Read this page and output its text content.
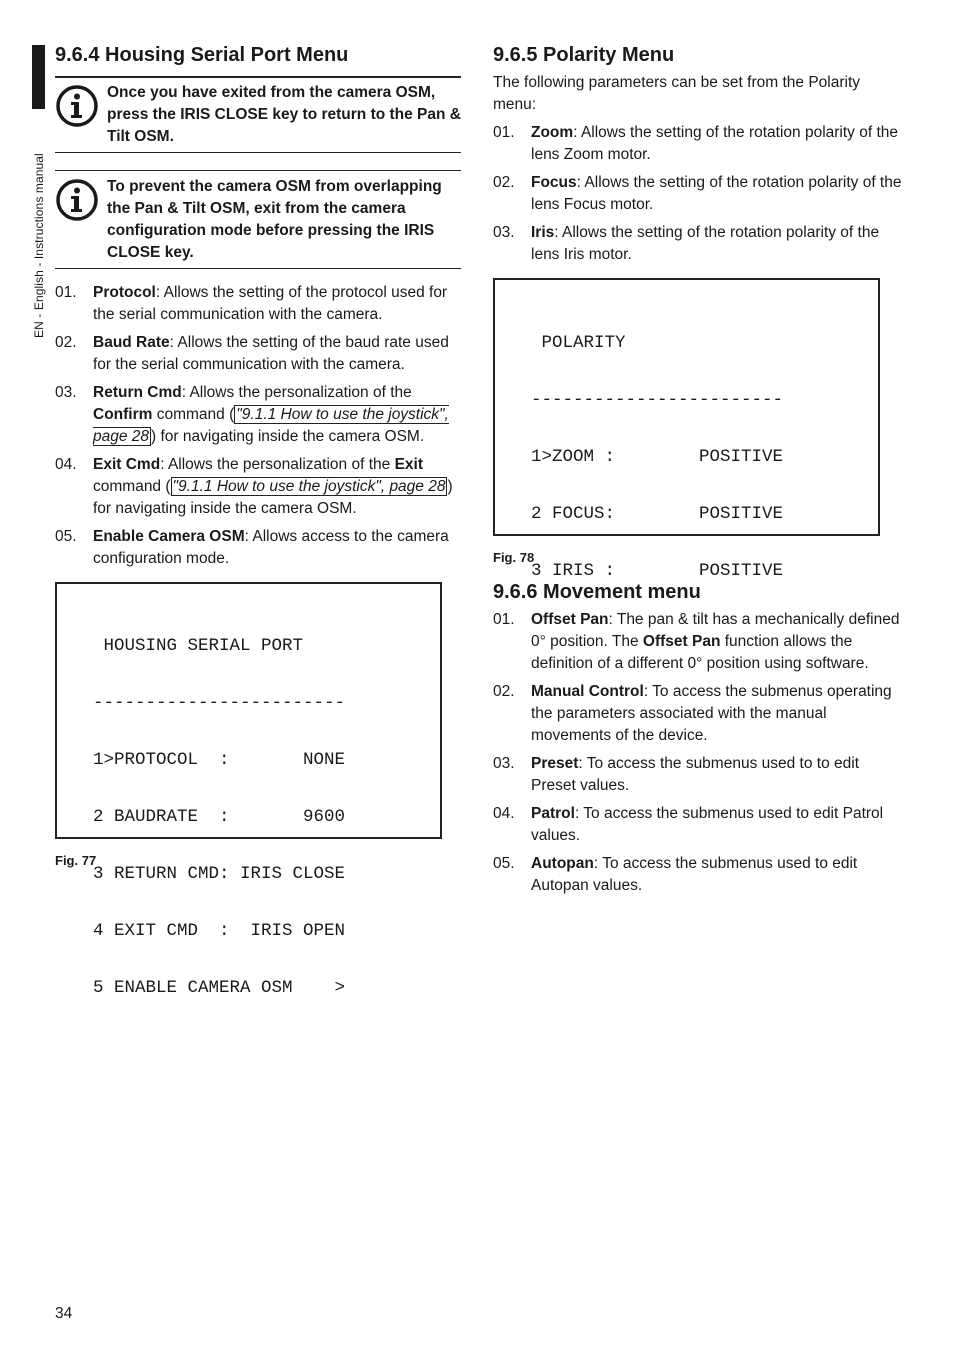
EN - English - Instructions manual
9.6.4 Housing Serial Port Menu
Once you have exited from the camera OSM, press the IRIS CLOSE key to return to the Pan & Tilt OSM.
To prevent the camera OSM from overlapping the Pan & Tilt OSM, exit from the camera configuration mode before pressing the IRIS CLOSE key.
01.	Protocol: Allows the setting of the protocol used for the serial communication with the camera.
02.	Baud Rate: Allows the setting of the baud rate used for the serial communication with the camera.
03.	Return Cmd: Allows the personalization of the Confirm command ( "9.1.1 How to use the joystick", page 28 ) for navigating inside the camera OSM.
04.	Exit Cmd: Allows the personalization of the Exit command ( "9.1.1 How to use the joystick", page 28 ) for navigating inside the camera OSM.
05.	Enable Camera OSM: Allows access to the camera configuration mode.

HOUSING SERIAL PORT

------------------------

1>PROTOCOL  :       NONE

2 BAUDRATE  :       9600

3 RETURN CMD: IRIS CLOSE

4 EXIT CMD  :  IRIS OPEN

5 ENABLE CAMERA OSM    >

Fig. 77
9.6.5 Polarity Menu
The following parameters can be set from the Polarity menu:
01.	Zoom: Allows the setting of the rotation polarity of the lens Zoom motor.
02.	Focus: Allows the setting of the rotation polarity of the lens Focus motor.
03.	Iris: Allows the setting of the rotation polarity of the lens Iris motor.

POLARITY

------------------------

1>ZOOM :        POSITIVE

2 FOCUS:        POSITIVE

3 IRIS :        POSITIVE

Fig. 78
9.6.6 Movement menu
01.	Offset Pan: The pan & tilt has a mechanically defined 0° position. The Offset Pan function allows the definition of a different 0° position using software.
02.	Manual Control: To access the submenus operating the parameters associated with the manual movements of the device.
03.	Preset: To access the submenus used to to edit Preset values.
04.	Patrol: To access the submenus used to edit Patrol values.
05.	Autopan: To access the submenus used to edit Autopan values.
34
